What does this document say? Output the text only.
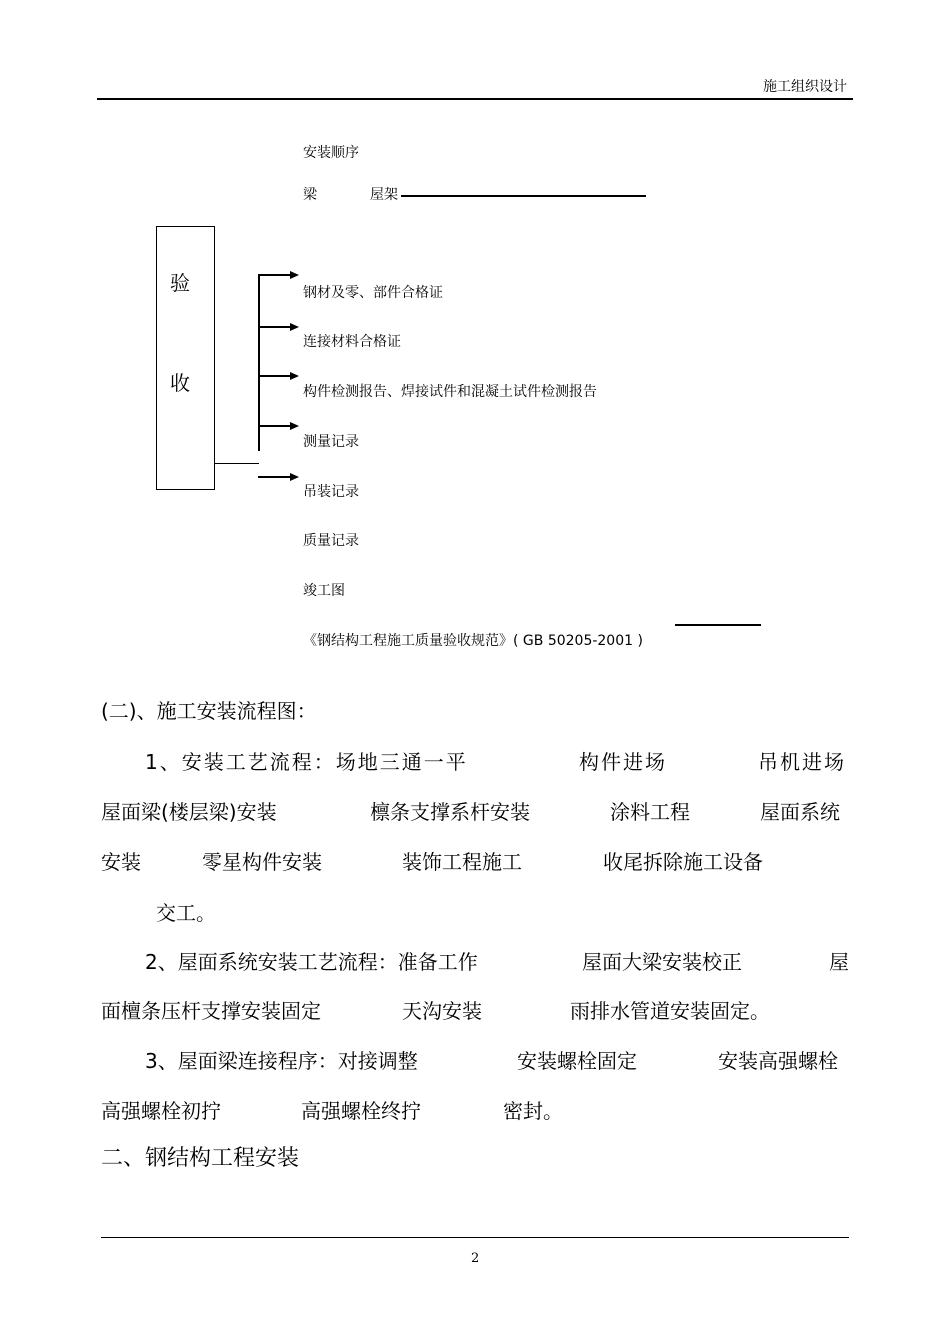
施工组织设计
安装顺序
梁	屋架
验
收
钢材及零、部件合格证
连接材料合格证
构件检测报告、焊接试件和混凝土试件检测报告
测量记录
吊装记录
质量记录
竣工图
《钢结构工程施工质量验收规范》( GB 50205-2001 )
(二)、施工安装流程图：
1、安装工艺流程：场地三通一平	构件进场	吊机进场
屋面梁(楼层梁)安装	檩条支撑系杆安装	涂料工程	屋面系统
安装	零星构件安装	装饰工程施工	收尾拆除施工设备
交工。
2、屋面系统安装工艺流程：准备工作	屋面大梁安装校正	屋
面檀条压杆支撑安装固定	天沟安装	雨排水管道安装固定。
3、屋面梁连接程序：对接调整	安装螺栓固定	安装高强螺栓
高强螺栓初拧	高强螺栓终拧	密封。
二、钢结构工程安装
2
